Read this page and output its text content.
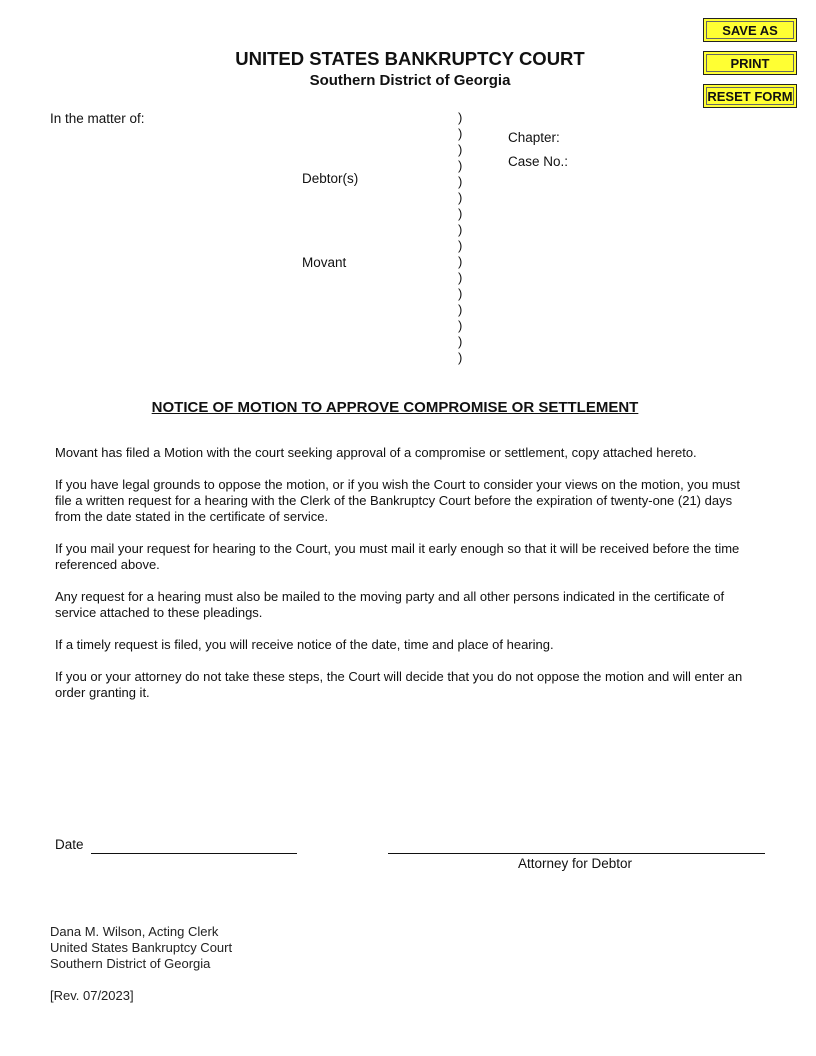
SAVE AS
PRINT
RESET FORM
UNITED STATES BANKRUPTCY COURT
Southern District of Georgia
In the matter of:
Debtor(s)
Movant
)
)
)
)
)
)
)
)
)
)
)
)
)
)
)
)
Chapter:
Case No.:
NOTICE OF MOTION TO APPROVE COMPROMISE OR SETTLEMENT

Movant has filed a Motion with the court seeking approval of a compromise or settlement, copy attached hereto.

If you have legal grounds to oppose the motion, or if you wish the Court to consider your views on the motion, you must file a written request for a hearing with the Clerk of the Bankruptcy Court before the expiration of twenty-one (21) days from the date stated in the certificate of service.

If you mail your request for hearing to the Court, you must mail it early enough so that it will be received before the time referenced above.

Any request for a hearing must also be mailed to the moving party and all other persons indicated in the certificate of service attached to these pleadings.

If a timely request is filed, you will receive notice of the date, time and place of hearing.

If you or your attorney do not take these steps, the Court will decide that you do not oppose the motion and will enter an order granting it.

Date
Attorney for Debtor
Dana M. Wilson, Acting Clerk
United States Bankruptcy Court
Southern District of Georgia
[Rev. 07/2023]
